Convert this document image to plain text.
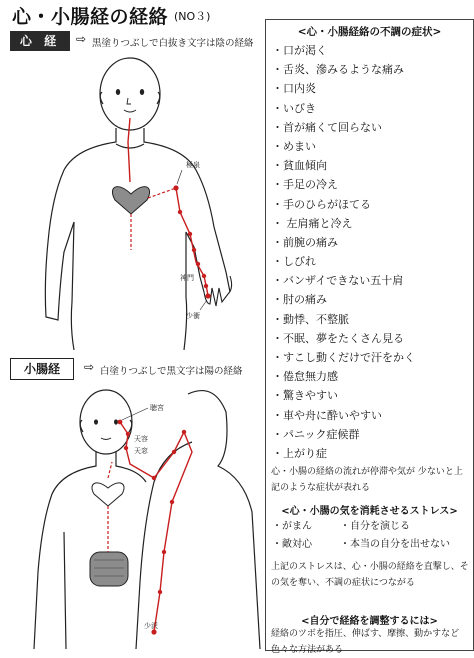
心・小腸経の経絡 (NO３)
心 経	⇨ 黒塗りつぶしで白抜き文字は陰の経絡
極泉
神門
少衝
小腸経	⇨ 白塗りつぶしで黒文字は陽の経絡
聴宮
天容
天窓
少沢
<心・小腸経絡の不調の症状>
・口が渇く
・舌炎、滲みるような痛み
・口内炎
・いびき
・首が痛くて回らない
・めまい
・貧血傾向
・手足の冷え
・手のひらがほてる
・ 左肩痛と冷え
・前腕の痛み
・しびれ
・バンザイできない五十肩
・肘の痛み
・動悸、不整脈
・不眠、夢をたくさん見る
・すこし動くだけで汗をかく
・倦怠無力感
・驚きやすい
・車や舟に酔いやすい
・パニック症候群
・上がり症
心・小腸の経絡の流れが停滞や気が 少ないと上記のような症状が表れる
<心・小腸の気を消耗させるストレス>
・がまん	・自分を演じる
・敵対心	・本当の自分を出せない
上記のストレスは、心・小腸の経絡を直撃し、その気を奪い、不調の症状につながる
<自分で経絡を調整するには>
経絡のツボを指圧、伸ばす、摩擦、動かすなど色々な方法がある
